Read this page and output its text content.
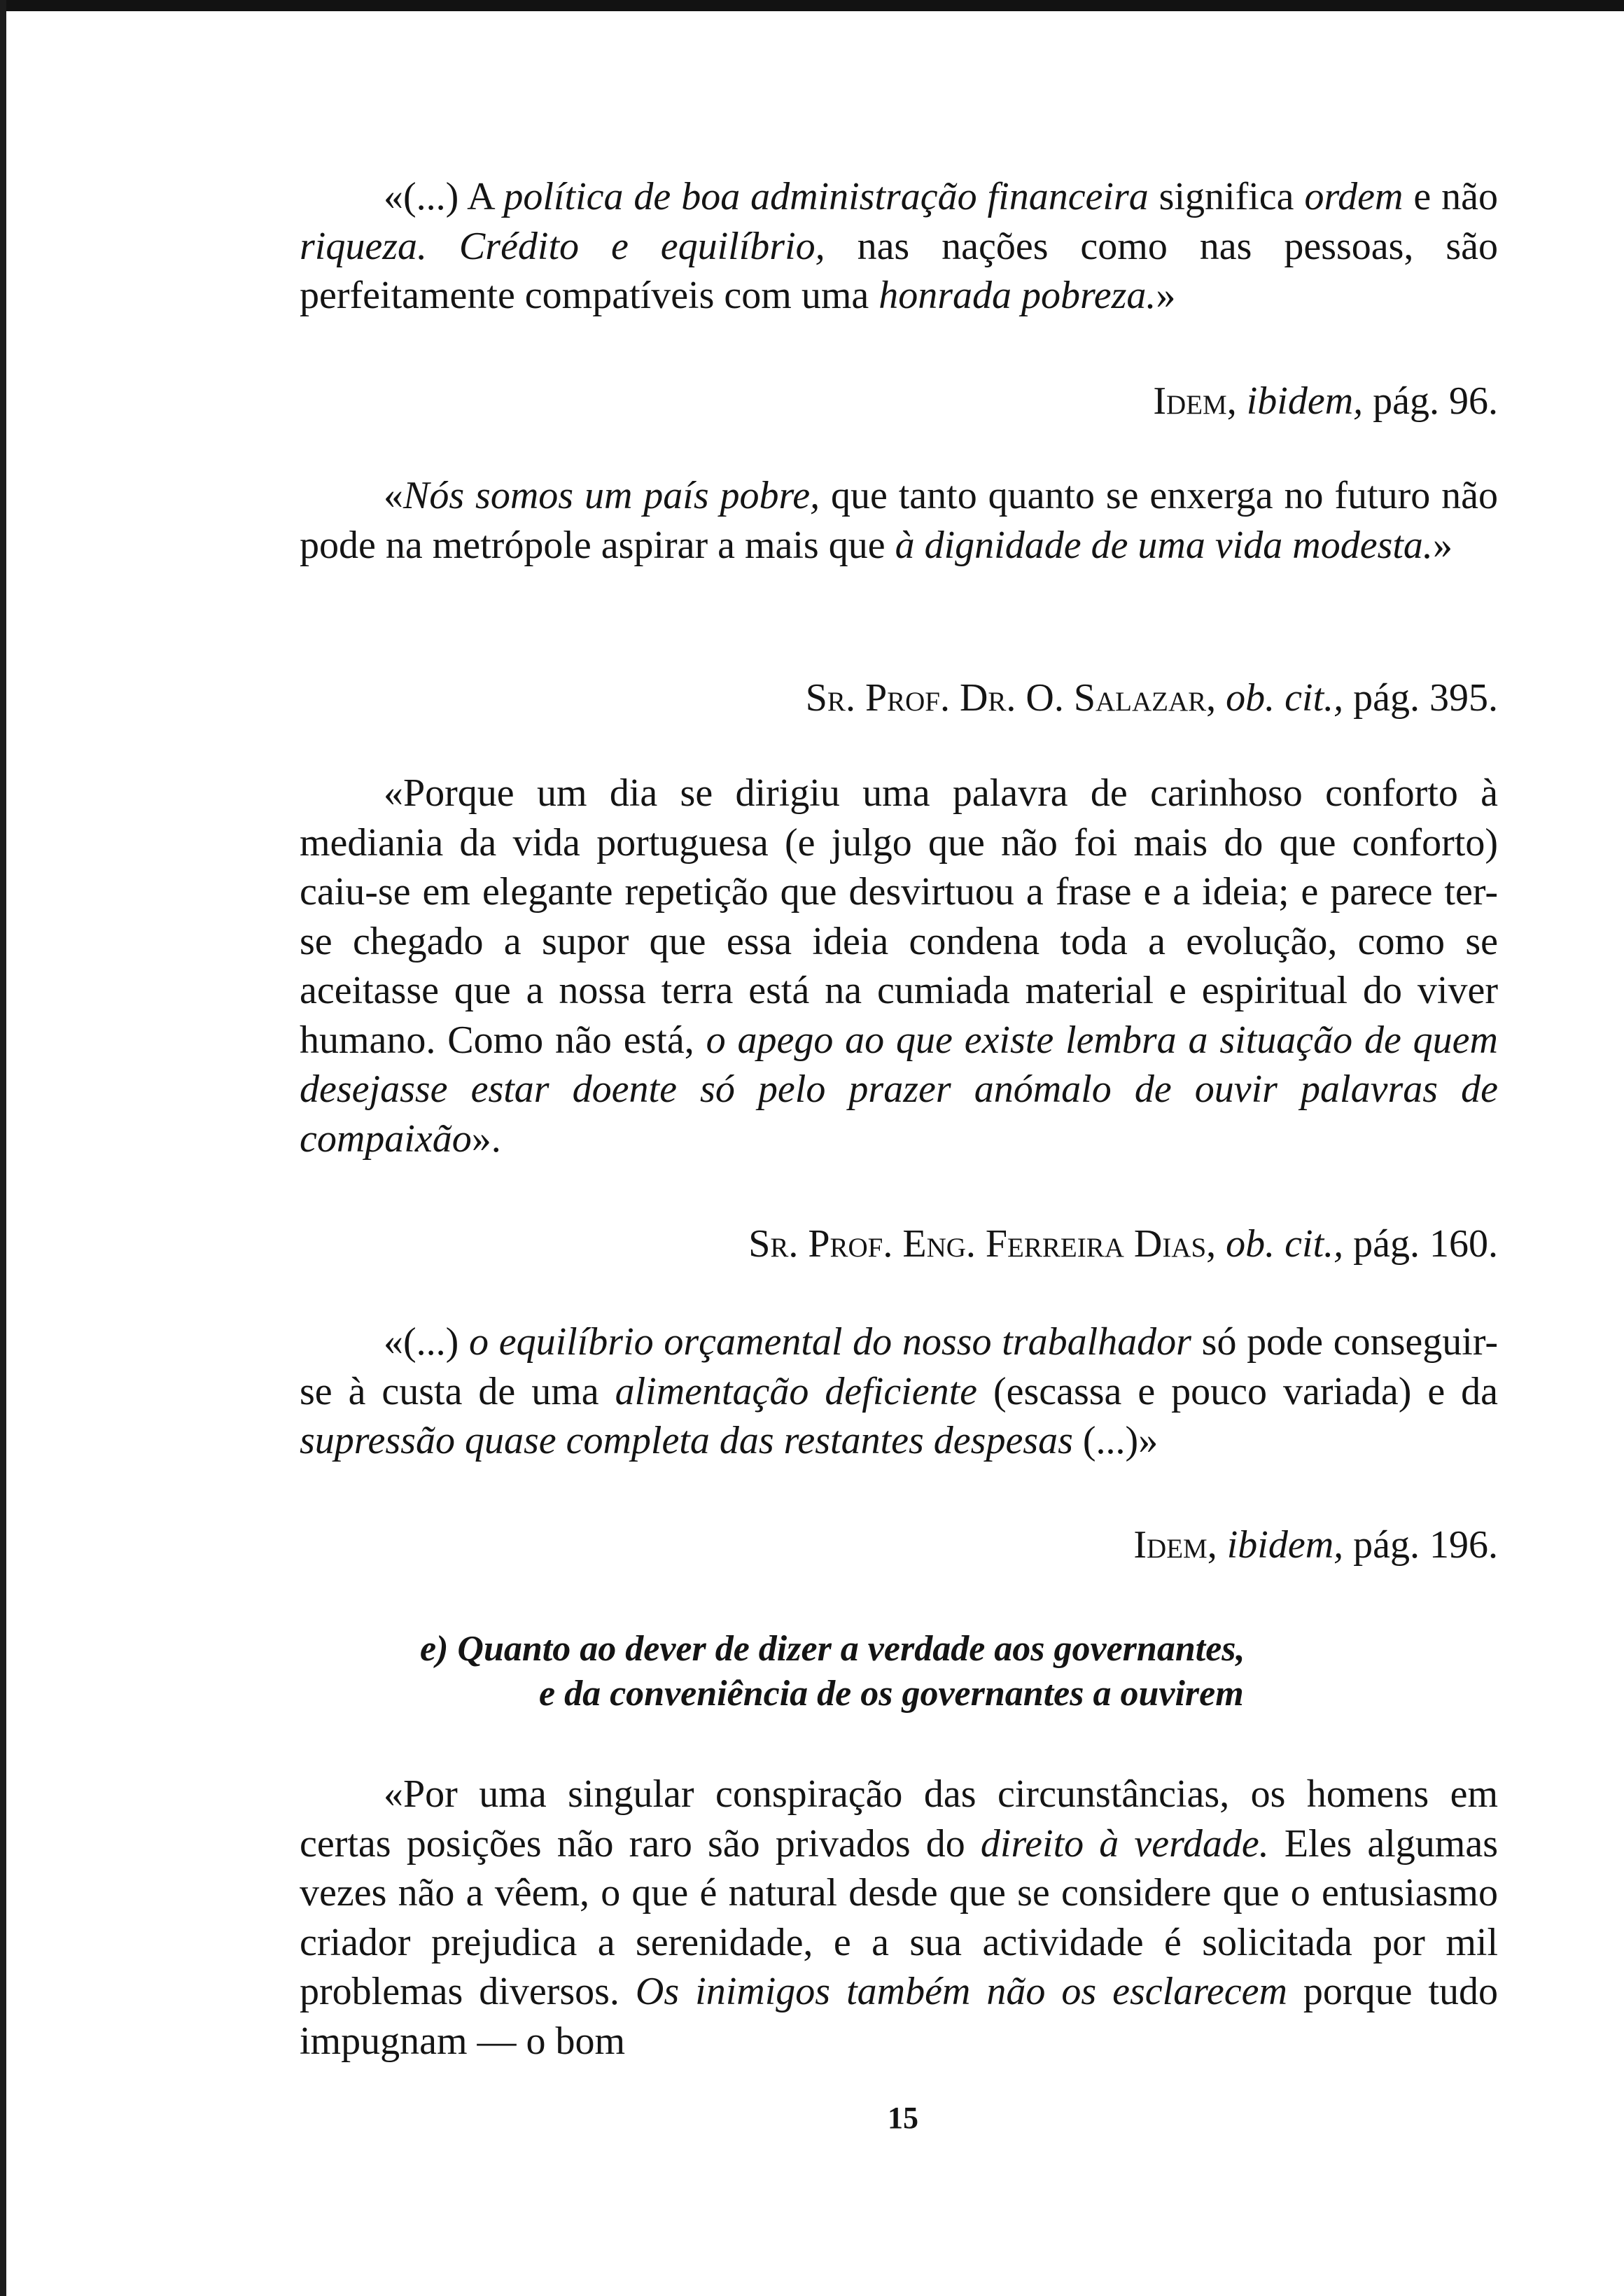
«(...) A política de boa administração financeira significa ordem e não riqueza. Crédito e equilíbrio, nas nações como nas pessoas, são perfeitamente compatíveis com uma honrada pobreza.»

Idem, ibidem, pág. 96.

«Nós somos um país pobre, que tanto quanto se enxerga no futuro não pode na metrópole aspirar a mais que à dignidade de uma vida modesta.»

Sr. Prof. Dr. O. Salazar, ob. cit., pág. 395.

«Porque um dia se dirigiu uma palavra de carinhoso conforto à mediania da vida portuguesa (e julgo que não foi mais do que conforto) caiu-se em elegante repetição que desvirtuou a frase e a ideia; e parece ter-se chegado a supor que essa ideia condena toda a evolução, como se aceitasse que a nossa terra está na cumiada material e espiritual do viver humano. Como não está, o apego ao que existe lembra a situação de quem desejasse estar doente só pelo prazer anómalo de ouvir palavras de compaixão».

Sr. Prof. Eng. Ferreira Dias, ob. cit., pág. 160.

«(...) o equilíbrio orçamental do nosso trabalhador só pode conseguir-se à custa de uma alimentação deficiente (escassa e pouco variada) e da supressão quase completa das restantes despesas (...)»

Idem, ibidem, pág. 196.
e) Quanto ao dever de dizer a verdade aos governantes,
e da conveniência de os governantes a ouvirem

«Por uma singular conspiração das circunstâncias, os homens em certas posições não raro são privados do direito à verdade. Eles algumas vezes não a vêem, o que é natural desde que se considere que o entusiasmo criador prejudica a serenidade, e a sua actividade é solicitada por mil problemas diversos. Os inimigos também não os esclarecem porque tudo impugnam — o bom

15
